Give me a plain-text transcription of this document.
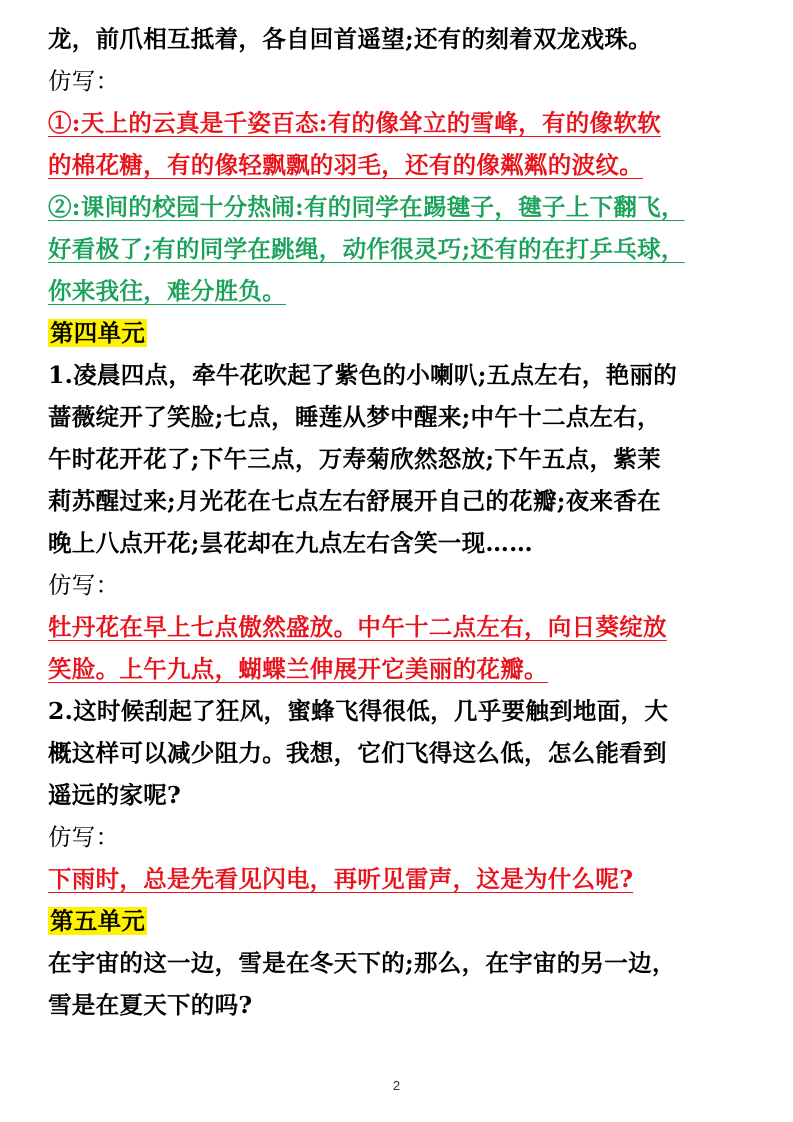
龙，前爪相互抵着，各自回首遥望;还有的刻着双龙戏珠。
仿写：
①:天上的云真是千姿百态:有的像耸立的雪峰，有的像软软
的棉花糖，有的像轻飘飘的羽毛，还有的像粼粼的波纹。
②:课间的校园十分热闹:有的同学在踢毽子，毽子上下翻飞，
好看极了;有的同学在跳绳，动作很灵巧;还有的在打乒乓球，
你来我往，难分胜负。
第四单元
1.凌晨四点，牵牛花吹起了紫色的小喇叭;五点左右，艳丽的
蔷薇绽开了笑脸;七点，睡莲从梦中醒来;中午十二点左右，
午时花开花了;下午三点，万寿菊欣然怒放;下午五点，紫茉
莉苏醒过来;月光花在七点左右舒展开自己的花瓣;夜来香在
晚上八点开花;昙花却在九点左右含笑一现……
仿写：
牡丹花在早上七点傲然盛放。中午十二点左右，向日葵绽放
笑脸。上午九点，蝴蝶兰伸展开它美丽的花瓣。
2.这时候刮起了狂风，蜜蜂飞得很低，几乎要触到地面，大
概这样可以减少阻力。我想，它们飞得这么低，怎么能看到
遥远的家呢?
仿写：
下雨时，总是先看见闪电，再听见雷声，这是为什么呢?
第五单元
在宇宙的这一边，雪是在冬天下的;那么，在宇宙的另一边，
雪是在夏天下的吗?
2
